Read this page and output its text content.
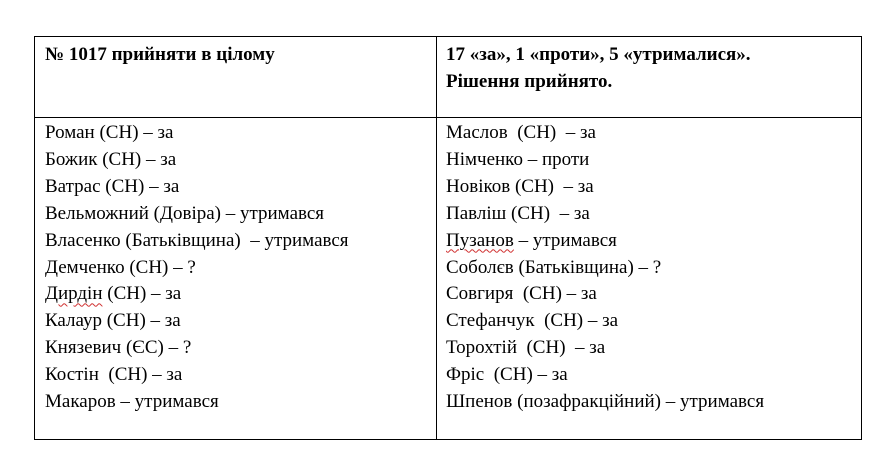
№ 1017 прийняти в цілому	17 «за», 1 «проти», 5 «утрималися».
Рішення прийнято.
Роман (СН) – за
Божик (СН) – за
Ватрас (СН) – за
Вельможний (Довіра) – утримався
Власенко (Батьківщина)  – утримався
Демченко (СН) – ?
Дирдін (СН) – за
Калаур (СН) – за
Князевич (ЄС) – ?
Костін  (СН) – за
Макаров – утримався
Маслов  (СН)  – за
Німченко – проти
Новіков (СН)  – за
Павліш (СН)  – за
Пузанов – утримався
Соболєв (Батьківщина) – ?
Совгиря  (СН) – за
Стефанчук  (СН) – за
Торохтій  (СН)  – за
Фріс  (СН) – за
Шпенов (позафракційний) – утримався
